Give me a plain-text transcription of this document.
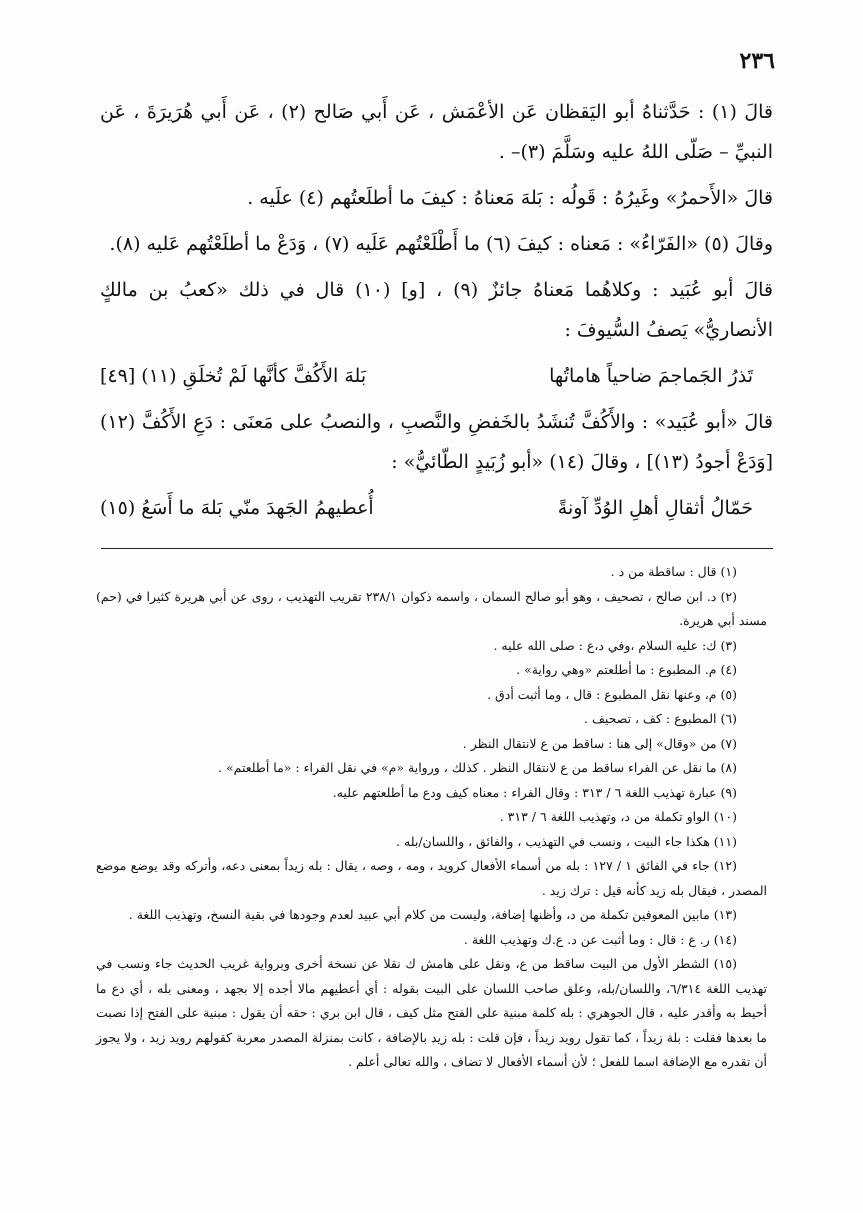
٢٣٦

قالَ (١) : حَدَّثناهُ أبو اليَقظان عَن الأعْمَش ، عَن أَبي صَالح (٢) ، عَن أَبي هُرَيرَةَ ، عَن النبيِّ – صَلّى اللهُ عليه وسَلَّمَ (٣)– .

قالَ «الأَحمرُ» وغَيرُهُ : قَولُه : بَلهَ مَعناهُ : كيفَ ما أطلَعتُهم (٤) علَيه .

وقالَ (٥) «الفَرّاءُ» : مَعناه : كيفَ (٦) ما أَطْلَعْتُهم عَلَيه (٧) ، وَدَعْ ما أطلَعْتُهم عَليه (٨).

قالَ أبو عُبَيد : وكلاهُما مَعناهُ جائزٌ (٩) ، [و] (١٠) قال في ذلك «كعبُ بن مالكٍ الأنصاريُّ» يَصفُ السُّيوفَ :

تَذرُ الجَماجمَ ضاحياً هاماتُها
بَلهَ الأَكُفَّ كأنَّها لَمْ تُخلَقِ (١١) [٤٩]

قالَ «أبو عُبَيد» : والأَكُفَّ تُنشَدُ بالخَفضِ والنَّصبِ ، والنصبُ على مَعنَى : دَعِ الأَكُفَّ (١٢) [وَدَعْ أجودُ (١٣)] ، وقالَ (١٤) «أبو زُبَيدٍ الطّائيُّ» :

حَمّالُ أثقالِ أهلِ الوُدِّ آونةً
أُعطيهمُ الجَهدَ منّي بَلهَ ما أَسَعُ (١٥)

(١) قال : ساقطة من د .

(٢) د. ابن صالح ، تصحيف ، وهو أبو صالح السمان ، واسمه ذكوان ٢٣٨/١ تقريب التهذيب ، روى عن أبي هريرة كثيرا في (حم) مسند أبي هريرة.

(٣) ك: عليه السلام ،وفي د،ع : صلى الله عليه .

(٤) م. المطبوع : ما أطلعتم «وهي رواية» .

(٥) م، وعنها نقل المطبوع : قال ، وما أثبت أدق .

(٦) المطبوع : كف ، تصحيف .

(٧) من «وقال» إلى هنا : ساقط من ع لانتقال النظر .

(٨) ما نقل عن الفراء ساقط من ع لانتقال النظر . كذلك ، ورواية «م» في نقل الفراء : «ما أطلعتم» .

(٩) عبارة تهذيب اللغة ٦ / ٣١٣ : وقال الفراء : معناه كيف ودع ما أطلعتهم عليه.

(١٠) الواو تكملة من د، وتهذيب اللغة ٦ / ٣١٣ .

(١١) هكذا جاء البيت ، ونسب في التهذيب ، والفائق ، واللسان/بله .

(١٢) جاء في الفائق ١ / ١٢٧ : بله من أسماء الأفعال كرويد ، ومه ، وصه ، يقال : بله زيداً بمعنى دعه، وأتركه وقد يوضع موضع المصدر ، فيقال بله زيد كأنه قيل : ترك زيد .

(١٣) مابين المعوفين تكملة من د، وأظنها إضافة، وليست من كلام أبي عبيد لعدم وجودها في بقية النسخ، وتهذيب اللغة .

(١٤) ر. ع : قال : وما أثبت عن د. ع.ك وتهذيب اللغة .

(١٥) الشطر الأول من البيت ساقط من ع، ونقل على هامش ك نقلا عن نسخة أخرى وبرواية غريب الحديث جاء ونسب في تهذيب اللغة ٦/٣١٤، واللسان/بله، وعلق صاحب اللسان على البيت بقوله : أي أعطيهم مالا أجده إلا بجهد ، ومعنى بله ، أي دع ما أحيط به وأقدر عليه ، قال الجوهري : بله كلمة مبنية على الفتح مثل كيف ، قال ابن بري : حقه أن يقول : مبنية على الفتح إذا نصبت ما بعدها فقلت : بلة زيداً ، كما تقول رويد زيداً ، فإن قلت : بله زيد بالإضافة ، كانت بمنزلة المصدر معربة كقولهم رويد زيد ، ولا يجوز أن تقدره مع الإضافة اسما للفعل ؛ لأن أسماء الأفعال لا تضاف ، والله تعالى أعلم .
